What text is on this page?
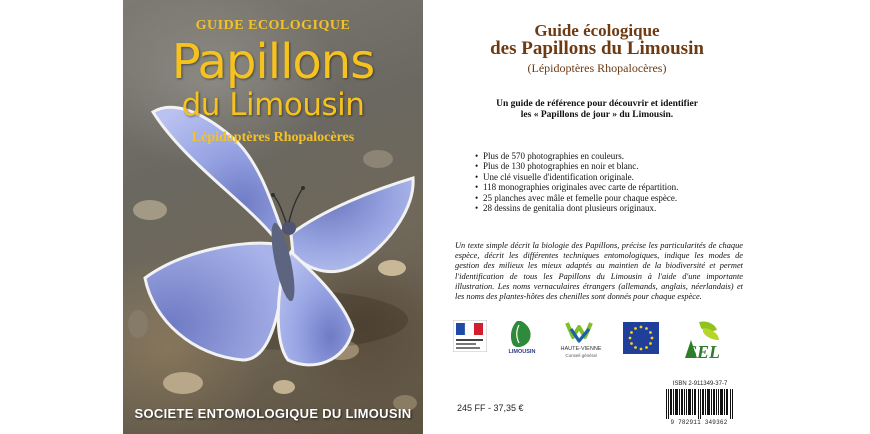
GUIDE ECOLOGIQUE
Papillons
du Limousin
Lépidoptères Rhopalocères
SOCIETE ENTOMOLOGIQUE DU LIMOUSIN
Guide écologique
des Papillons du Limousin
(Lépidoptères Rhopalocères)
Un guide de référence pour découvrir et identifier
les « Papillons de jour » du Limousin.
• Plus de 570 photographies en couleurs.
• Plus de 130 photographies en noir et blanc.
• Une clé visuelle d'identification originale.
• 118 monographies originales avec carte de répartition.
• 25 planches avec mâle et femelle pour chaque espèce.
• 28 dessins de genitalia dont plusieurs originaux.
Un texte simple décrit la biologie des Papillons, précise les particularités de chaque espèce, décrit les différentes techniques entomologiques, indique les modes de gestion des milieux les mieux adaptés au maintien de la biodiversité et permet l'identification de tous les Papillons du Limousin à l'aide d'une importante illustration. Les noms vernaculaires étrangers (allemands, anglais, néerlandais) et les noms des plantes-hôtes des chenilles sont donnés pour chaque espèce.
LIMOUSIN	HAUTE-VIENNE
Conseil général	SEL
245 FF - 37,35 €
ISBN 2-911349-37-7
9 782911 349362
